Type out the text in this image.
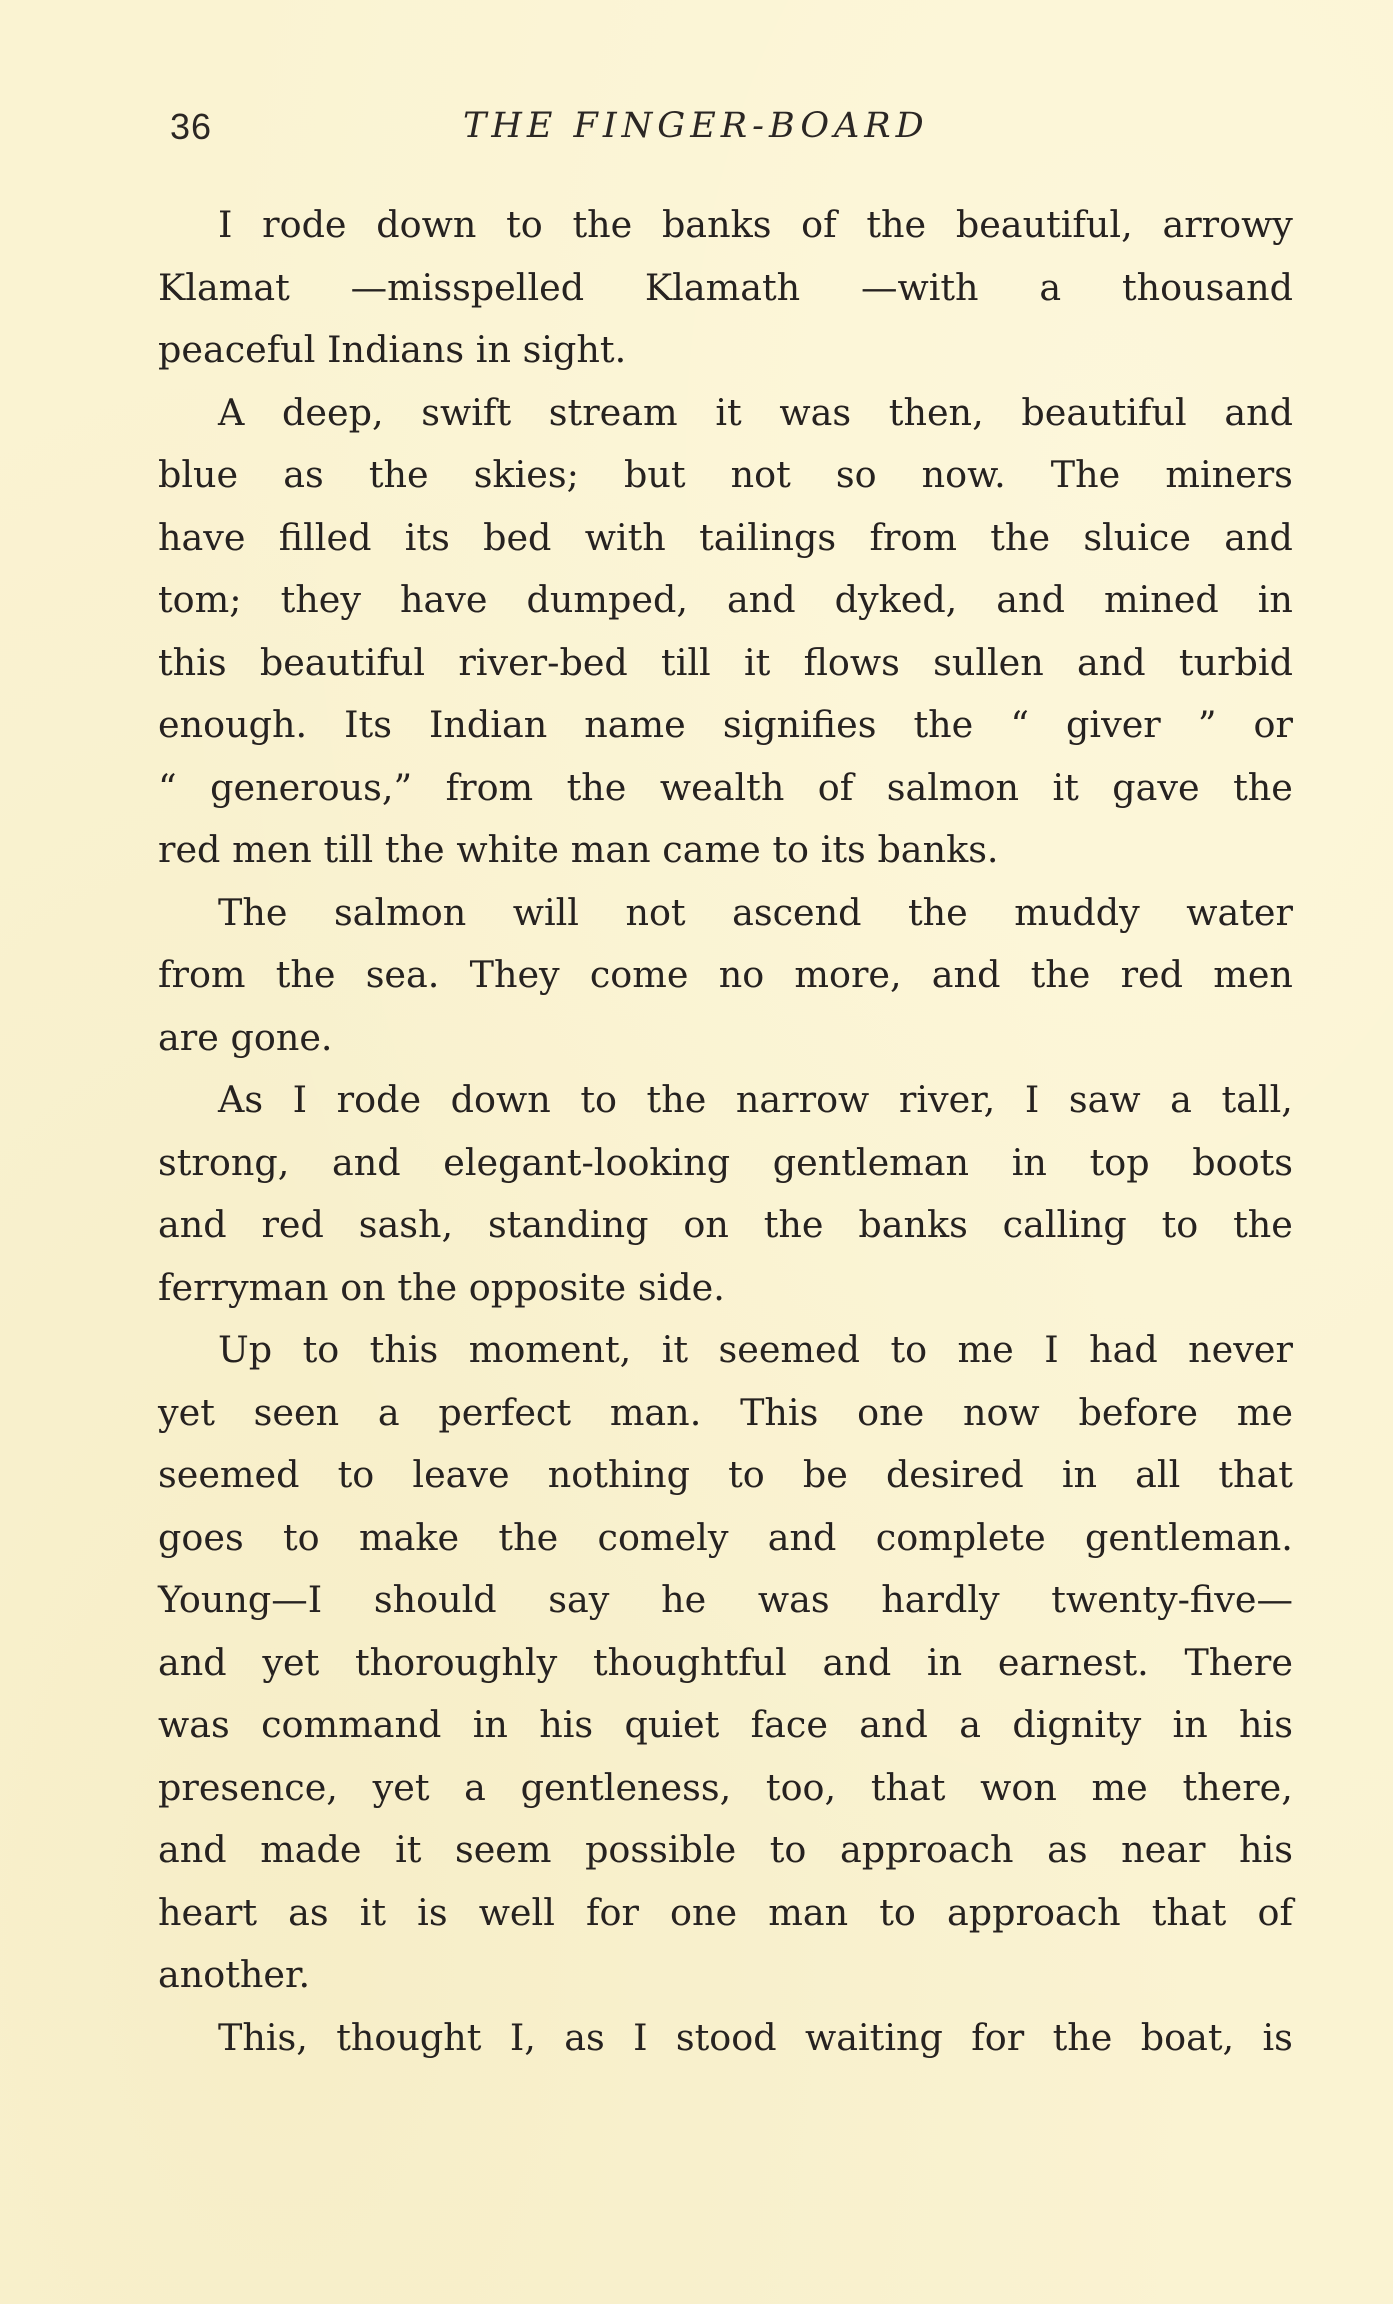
36	THE FINGER-BOARD
I rode down to the banks of the beautiful, arrowy
Klamat —misspelled Klamath —with a thousand
peaceful Indians in sight.
A deep, swift stream it was then, beautiful and
blue as the skies; but not so now. The miners
have filled its bed with tailings from the sluice and
tom; they have dumped, and dyked, and mined in
this beautiful river-bed till it flows sullen and turbid
enough. Its Indian name signifies the “ giver ” or
“ generous,” from the wealth of salmon it gave the
red men till the white man came to its banks.
The salmon will not ascend the muddy water
from the sea. They come no more, and the red men
are gone.
As I rode down to the narrow river, I saw a tall,
strong, and elegant-looking gentleman in top boots
and red sash, standing on the banks calling to the
ferryman on the opposite side.
Up to this moment, it seemed to me I had never
yet seen a perfect man. This one now before me
seemed to leave nothing to be desired in all that
goes to make the comely and complete gentleman.
Young—I should say he was hardly twenty-five—
and yet thoroughly thoughtful and in earnest. There
was command in his quiet face and a dignity in his
presence, yet a gentleness, too, that won me there,
and made it seem possible to approach as near his
heart as it is well for one man to approach that of
another.
This, thought I, as I stood waiting for the boat, is
